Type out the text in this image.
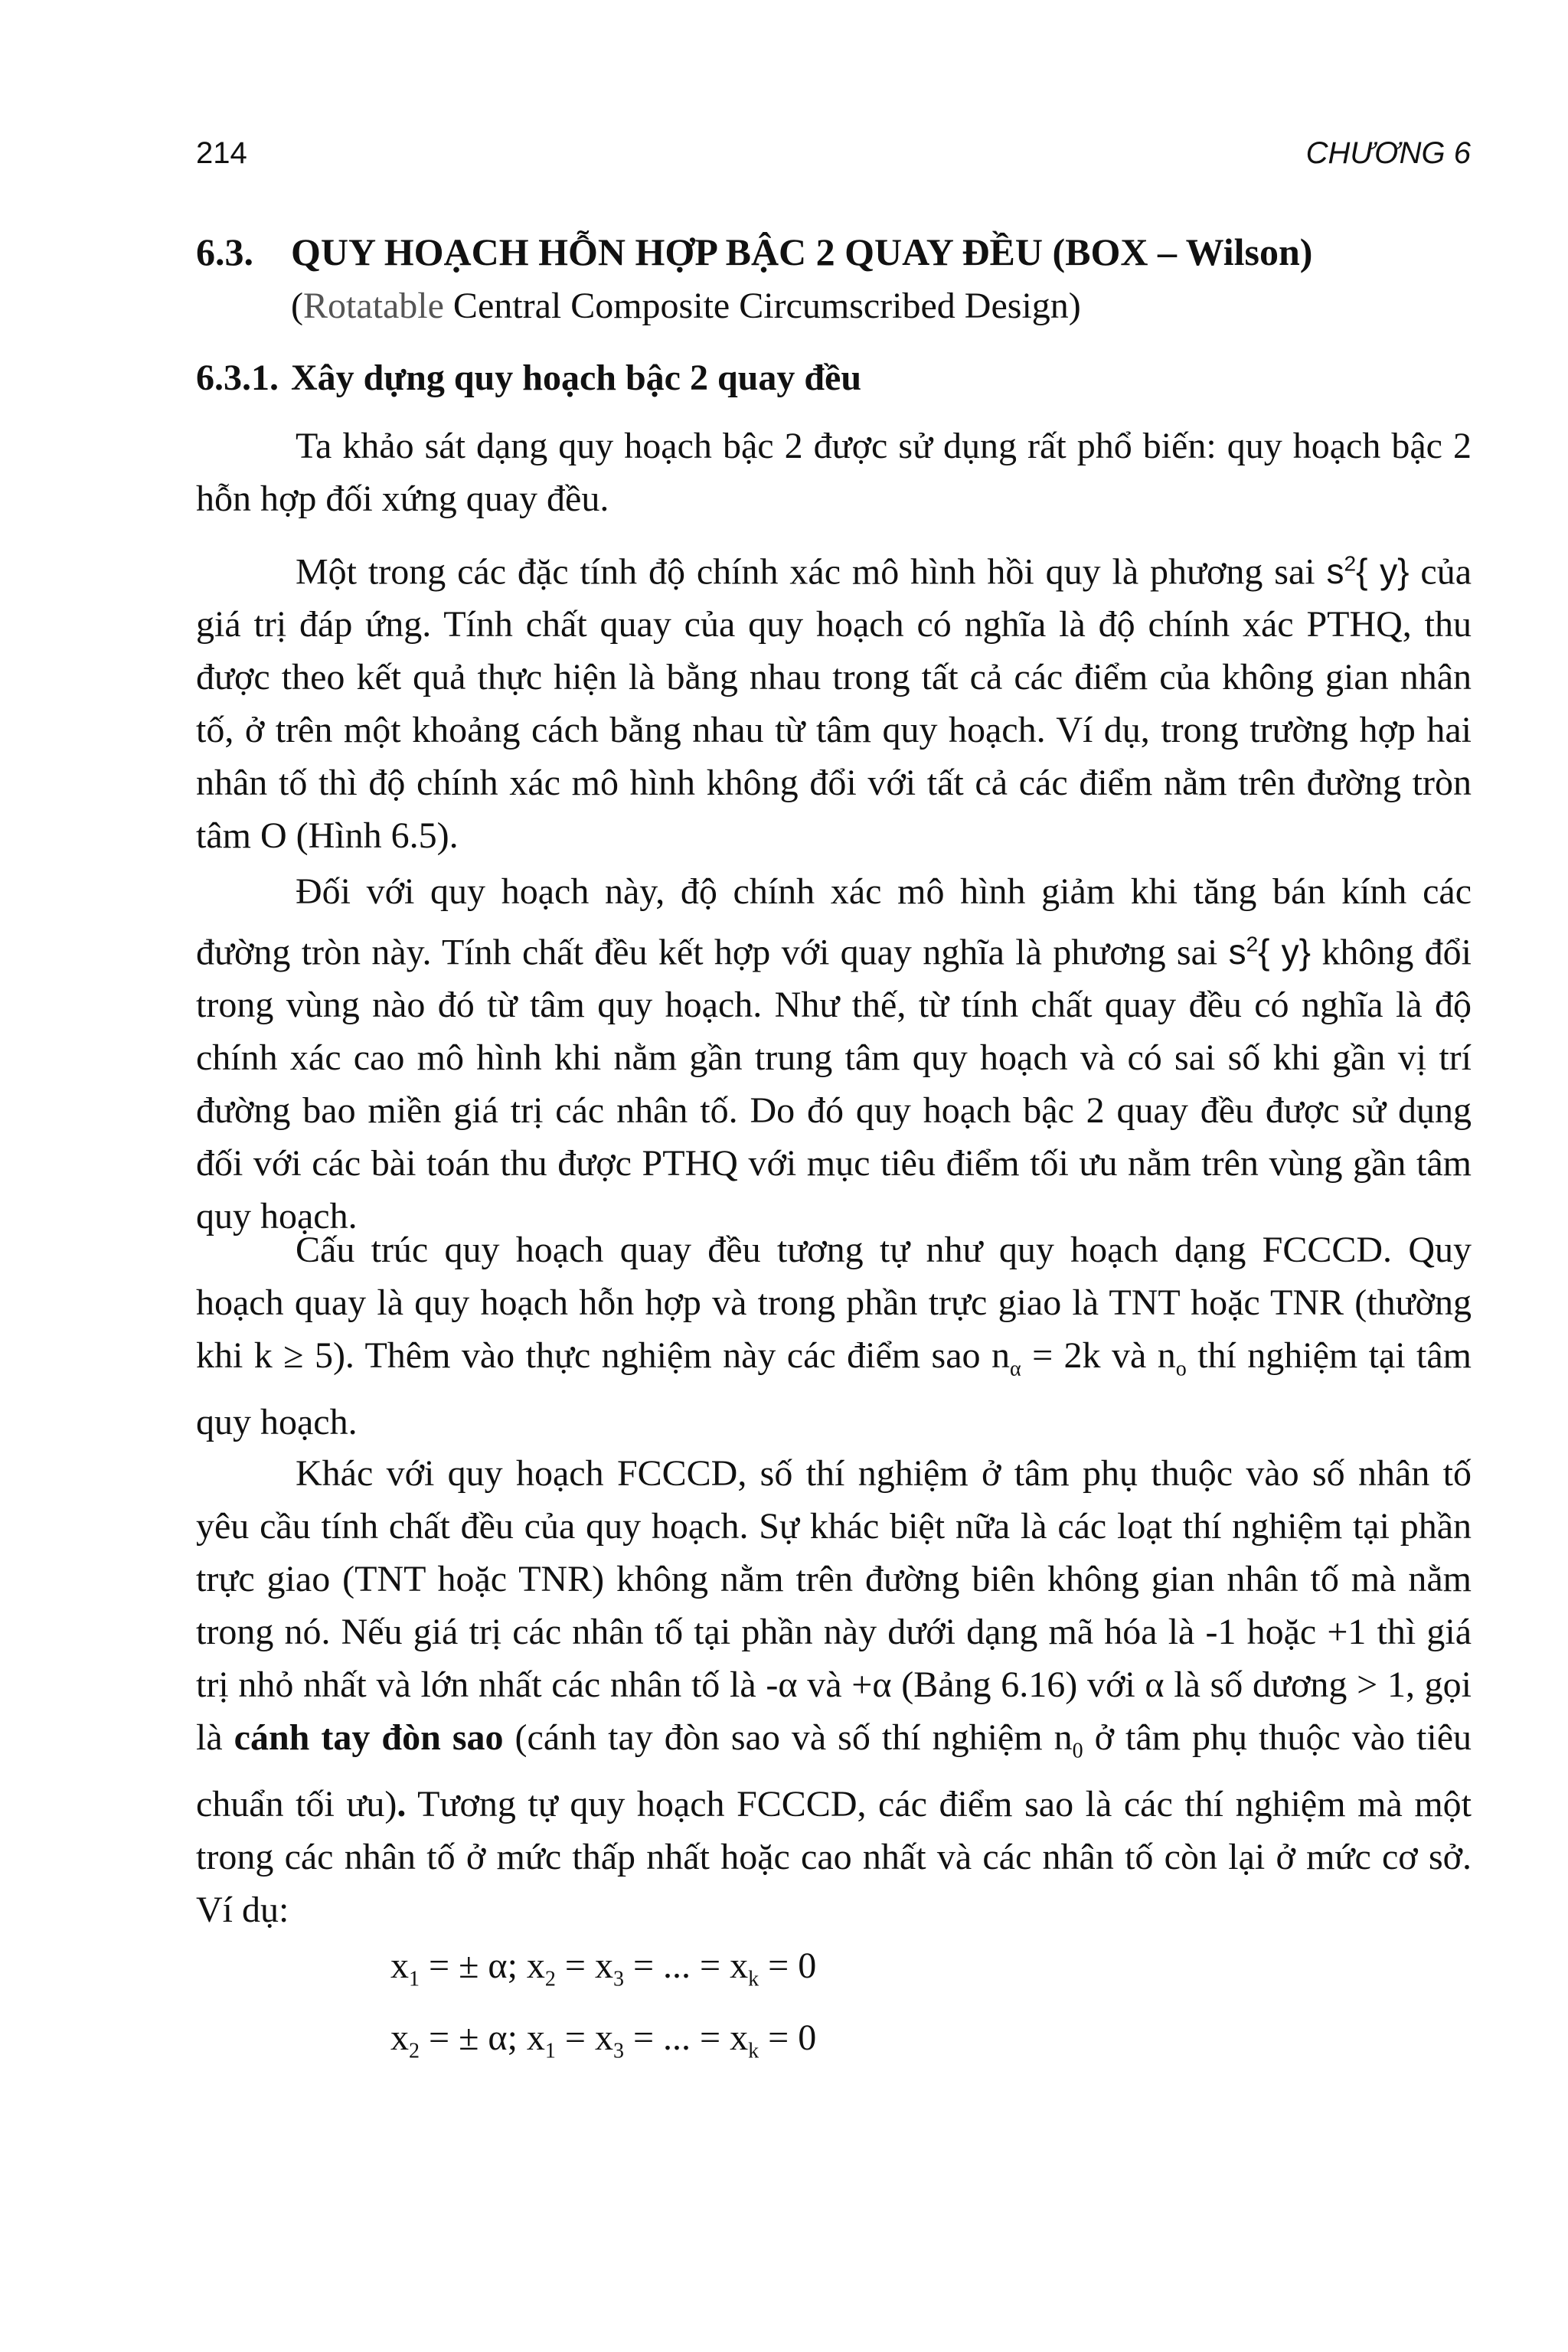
214	CHƯƠNG 6
6.3. QUY HOẠCH HỖN HỢP BẬC 2 QUAY ĐỀU (BOX – Wilson)
(Rotatable Central Composite Circumscribed Design)
6.3.1. Xây dựng quy hoạch bậc 2 quay đều
Ta khảo sát dạng quy hoạch bậc 2 được sử dụng rất phổ biến: quy hoạch bậc 2 hỗn hợp đối xứng quay đều.
Một trong các đặc tính độ chính xác mô hình hồi quy là phương sai $s^2${ y} của giá trị đáp ứng. Tính chất quay của quy hoạch có nghĩa là độ chính xác PTHQ, thu được theo kết quả thực hiện là bằng nhau trong tất cả các điểm của không gian nhân tố, ở trên một khoảng cách bằng nhau từ tâm quy hoạch. Ví dụ, trong trường hợp hai nhân tố thì độ chính xác mô hình không đổi với tất cả các điểm nằm trên đường tròn tâm O (Hình 6.5).
Đối với quy hoạch này, độ chính xác mô hình giảm khi tăng bán kính các đường tròn này. Tính chất đều kết hợp với quay nghĩa là phương sai $s^2${ y} không đổi trong vùng nào đó từ tâm quy hoạch. Như thế, từ tính chất quay đều có nghĩa là độ chính xác cao mô hình khi nằm gần trung tâm quy hoạch và có sai số khi gần vị trí đường bao miền giá trị các nhân tố. Do đó quy hoạch bậc 2 quay đều được sử dụng đối với các bài toán thu được PTHQ với mục tiêu điểm tối ưu nằm trên vùng gần tâm quy hoạch.
Cấu trúc quy hoạch quay đều tương tự như quy hoạch dạng FCCCD. Quy hoạch quay là quy hoạch hỗn hợp và trong phần trực giao là TNT hoặc TNR (thường khi k ≥ 5). Thêm vào thực nghiệm này các điểm sao $n_\alpha = 2k$ và $n_o$ thí nghiệm tại tâm quy hoạch.
Khác với quy hoạch FCCCD, số thí nghiệm ở tâm phụ thuộc vào số nhân tố yêu cầu tính chất đều của quy hoạch. Sự khác biệt nữa là các loạt thí nghiệm tại phần trực giao (TNT hoặc TNR) không nằm trên đường biên không gian nhân tố mà nằm trong nó. Nếu giá trị các nhân tố tại phần này dưới dạng mã hóa là -1 hoặc +1 thì giá trị nhỏ nhất và lớn nhất các nhân tố là -α và +α (Bảng 6.16) với α là số dương > 1, gọi là cánh tay đòn sao (cánh tay đòn sao và số thí nghiệm $n_0$ ở tâm phụ thuộc vào tiêu chuẩn tối ưu). Tương tự quy hoạch FCCCD, các điểm sao là các thí nghiệm mà một trong các nhân tố ở mức thấp nhất hoặc cao nhất và các nhân tố còn lại ở mức cơ sở. Ví dụ:
$x_1$ = ± α; $x_2 = x_3$ = ... = $x_k = 0$
$x_2$ = ± α; $x_1 = x_3$ = ... = $x_k = 0$
